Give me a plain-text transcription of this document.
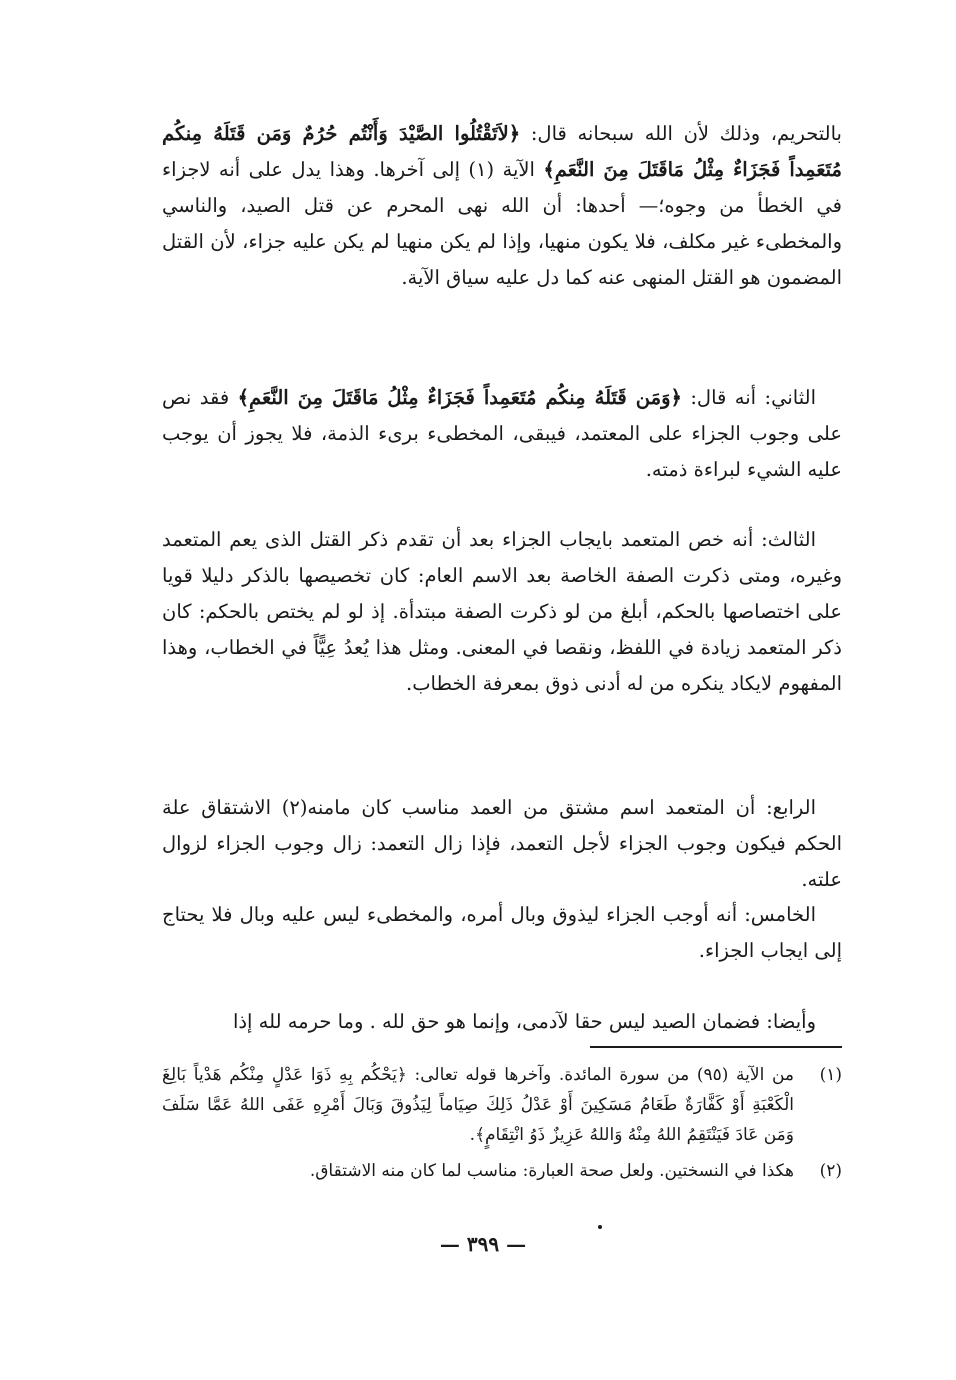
بالتحريم، وذلك لأن الله سبحانه قال: ﴿لاَتَقْتُلُوا الصَّيْدَ وَأَنْتُم حُرُمٌ وَمَن قَتَلَهُ مِنكُم مُتَعَمِداً فَجَزَاءٌ مِثْلُ مَاقَتَلَ مِنَ النَّعَمِ﴾ الآية (١) إلى آخرها. وهذا يدل على أنه لاجزاء في الخطأ من وجوه؛— أحدها: أن الله نهى المحرم عن قتل الصيد، والناسي والمخطىء غير مكلف، فلا يكون منهيا، وإذا لم يكن منهيا لم يكن عليه جزاء، لأن القتل المضمون هو القتل المنهى عنه كما دل عليه سياق الآية.

الثاني: أنه قال: ﴿وَمَن قَتَلَهُ مِنكُم مُتَعَمِداً فَجَزَاءٌ مِثْلُ مَاقَتَلَ مِنَ النَّعَمِ﴾ فقد نص على وجوب الجزاء على المعتمد، فيبقى، المخطىء برىء الذمة، فلا يجوز أن يوجب عليه الشيء لبراءة ذمته.

الثالث: أنه خص المتعمد بايجاب الجزاء بعد أن تقدم ذكر القتل الذى يعم المتعمد وغيره، ومتى ذكرت الصفة الخاصة بعد الاسم العام: كان تخصيصها بالذكر دليلا قويا على اختصاصها بالحكم، أبلغ من لو ذكرت الصفة مبتدأة. إذ لو لم يختص بالحكم: كان ذكر المتعمد زيادة في اللفظ، ونقصا في المعنى. ومثل هذا يُعدُ عِيًّاً في الخطاب، وهذا المفهوم لايكاد ينكره من له أدنى ذوق بمعرفة الخطاب.

الرابع: أن المتعمد اسم مشتق من العمد مناسب كان مامنه(٢) الاشتقاق علة الحكم فيكون وجوب الجزاء لأجل التعمد، فإذا زال التعمد: زال وجوب الجزاء لزوال علته.

الخامس: أنه أوجب الجزاء ليذوق وبال أمره، والمخطىء ليس عليه وبال فلا يحتاج إلى ايجاب الجزاء.

وأيضا: فضمان الصيد ليس حقا لآدمى، وإنما هو حق لله . وما حرمه لله إذا

(١)
من الآية (٩٥) من سورة المائدة. وآخرها قوله تعالى: ﴿يَحْكُم بِهِ ذَوَا عَدْلٍ مِنْكُم هَدْياً بَالِغَ الْكَعْبَةِ أَوْ كَفَّارَةٌ طَعَامُ مَسَكِينَ أَوْ عَدْلُ ذَلِكَ صِيَاماً لِيَذُوقَ وَبَالَ أَمْرِهِ عَفَى اللهُ عَمَّا سَلَفَ وَمَن عَادَ فَيَنْتَقِمُ اللهُ مِنْهُ وَاللهُ عَزِيزٌ ذَوُ انْتِقَامٍ﴾.
(٢)
هكذا في النسختين. ولعل صحة العبارة: مناسب لما كان منه الاشتقاق.
— ٣٩٩ —
